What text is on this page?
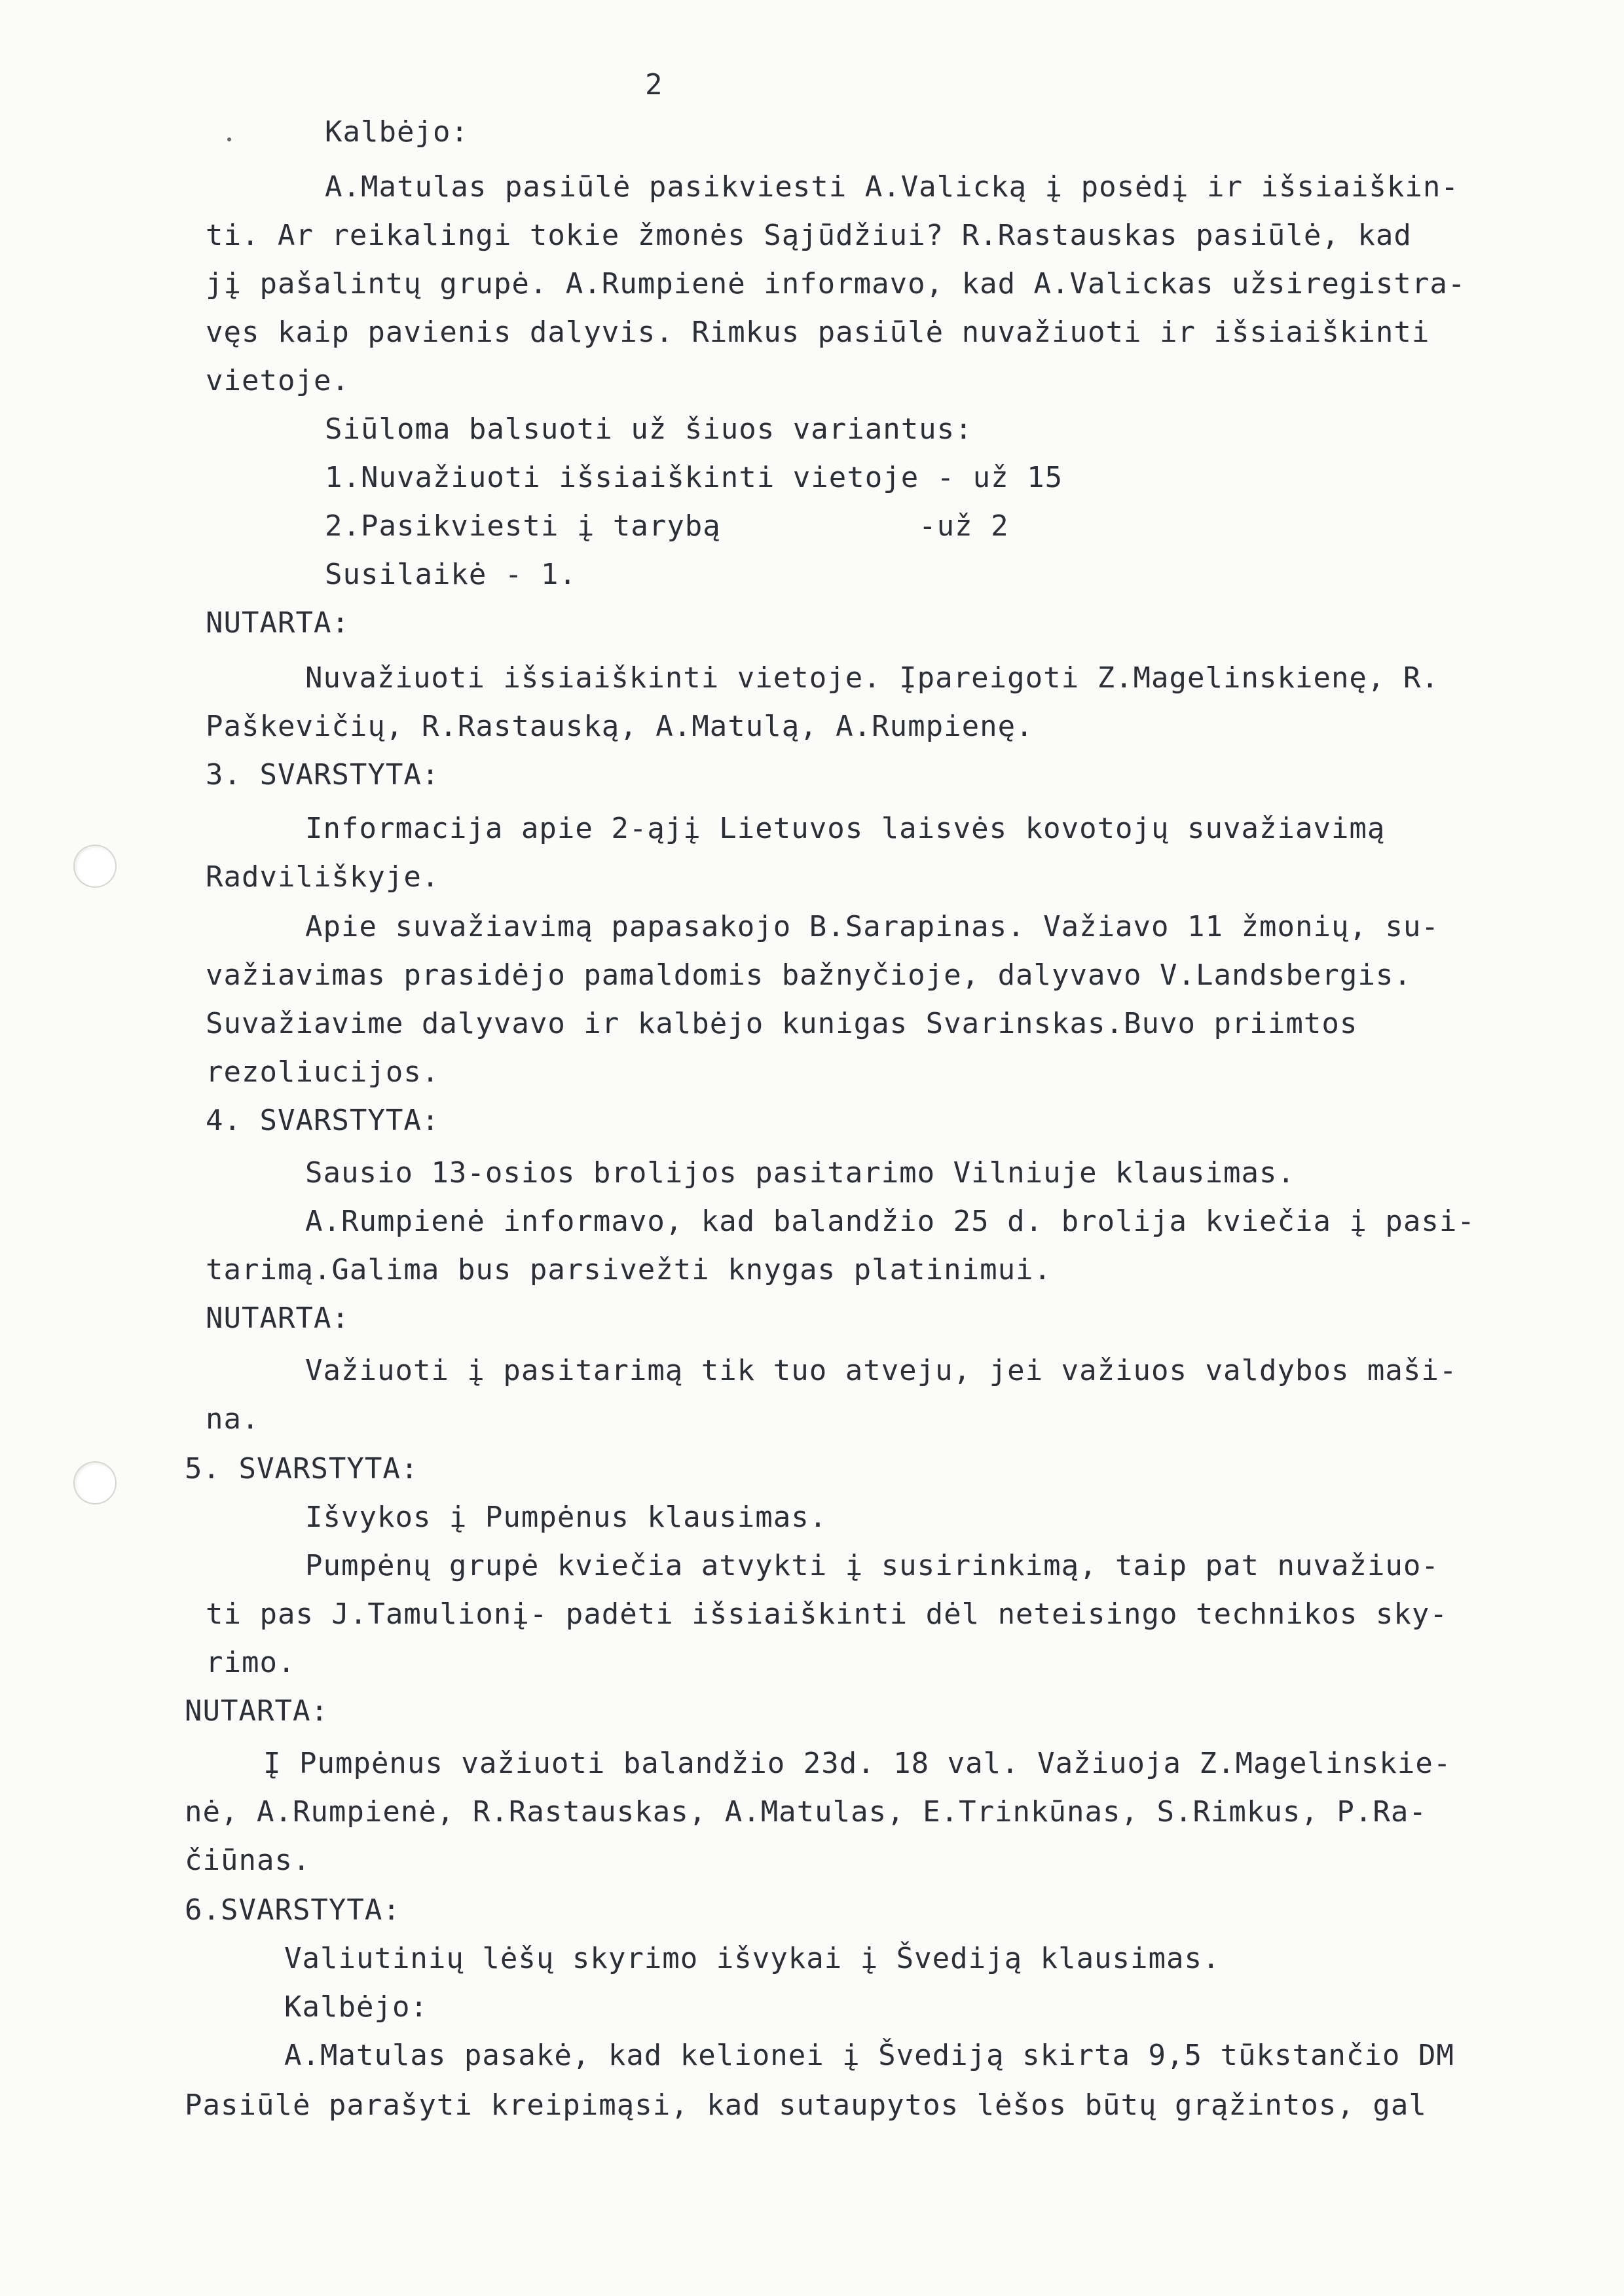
2
Kalbėjo:
A.Matulas pasiūlė pasikviesti A.Valicką į posėdį ir išsiaiškin-
ti. Ar reikalingi tokie žmonės Sąjūdžiui? R.Rastauskas pasiūlė, kad
jį pašalintų grupė. A.Rumpienė informavo, kad A.Valickas užsiregistra-
vęs kaip pavienis dalyvis. Rimkus pasiūlė nuvažiuoti ir išsiaiškinti
vietoje.
Siūloma balsuoti už šiuos variantus:
1.Nuvažiuoti išsiaiškinti vietoje - už 15
2.Pasikviesti į tarybą           -už 2
Susilaikė - 1.
NUTARTA:
Nuvažiuoti išsiaiškinti vietoje. Įpareigoti Z.Magelinskienę, R.
Paškevičių, R.Rastauską, A.Matulą, A.Rumpienę.
3. SVARSTYTA:
Informacija apie 2-ąjį Lietuvos laisvės kovotojų suvažiavimą
Radviliškyje.
Apie suvažiavimą papasakojo B.Sarapinas. Važiavo 11 žmonių, su-
važiavimas prasidėjo pamaldomis bažnyčioje, dalyvavo V.Landsbergis.
Suvažiavime dalyvavo ir kalbėjo kunigas Svarinskas.Buvo priimtos
rezoliucijos.
4. SVARSTYTA:
Sausio 13-osios brolijos pasitarimo Vilniuje klausimas.
A.Rumpienė informavo, kad balandžio 25 d. brolija kviečia į pasi-
tarimą.Galima bus parsivežti knygas platinimui.
NUTARTA:
Važiuoti į pasitarimą tik tuo atveju, jei važiuos valdybos maši-
na.
5. SVARSTYTA:
Išvykos į Pumpėnus klausimas.
Pumpėnų grupė kviečia atvykti į susirinkimą, taip pat nuvažiuo-
ti pas J.Tamulionį- padėti išsiaiškinti dėl neteisingo technikos sky-
rimo.
NUTARTA:
Į Pumpėnus važiuoti balandžio 23d. 18 val. Važiuoja Z.Magelinskie-
nė, A.Rumpienė, R.Rastauskas, A.Matulas, E.Trinkūnas, S.Rimkus, P.Ra-
čiūnas.
6.SVARSTYTA:
Valiutinių lėšų skyrimo išvykai į Švediją klausimas.
Kalbėjo:
A.Matulas pasakė, kad kelionei į Švediją skirta 9,5 tūkstančio DM
Pasiūlė parašyti kreipimąsi, kad sutaupytos lėšos būtų grąžintos, gal
